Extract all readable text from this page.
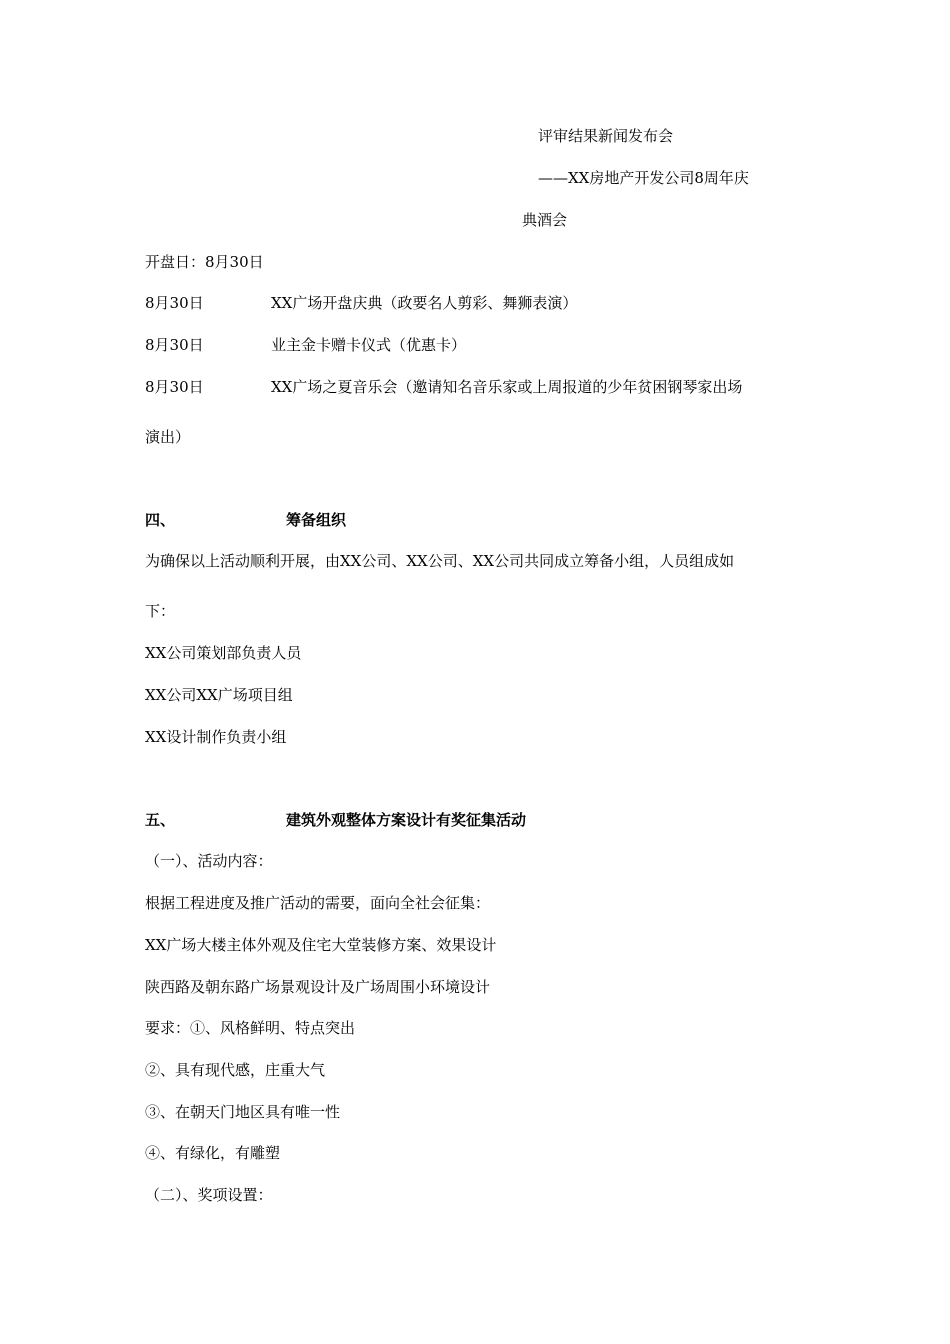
评审结果新闻发布会

——XX房地产开发公司8周年庆

典酒会

开盘日：8月30日

8月30日	XX广场开盘庆典（政要名人剪彩、舞狮表演）
8月30日	业主金卡赠卡仪式（优惠卡）
8月30日	XX广场之夏音乐会（邀请知名音乐家或上周报道的少年贫困钢琴家出场

演出）

四、	筹备组织

为确保以上活动顺利开展，由XX公司、XX公司、XX公司共同成立筹备小组，人员组成如

下：

XX公司策划部负责人员

XX公司XX广场项目组

XX设计制作负责小组

五、	建筑外观整体方案设计有奖征集活动

（一）、活动内容：

根据工程进度及推广活动的需要，面向全社会征集：

XX广场大楼主体外观及住宅大堂装修方案、效果设计

陕西路及朝东路广场景观设计及广场周围小环境设计

要求：①、风格鲜明、特点突出

②、具有现代感，庄重大气

③、在朝天门地区具有唯一性

④、有绿化，有雕塑

（二）、奖项设置：
